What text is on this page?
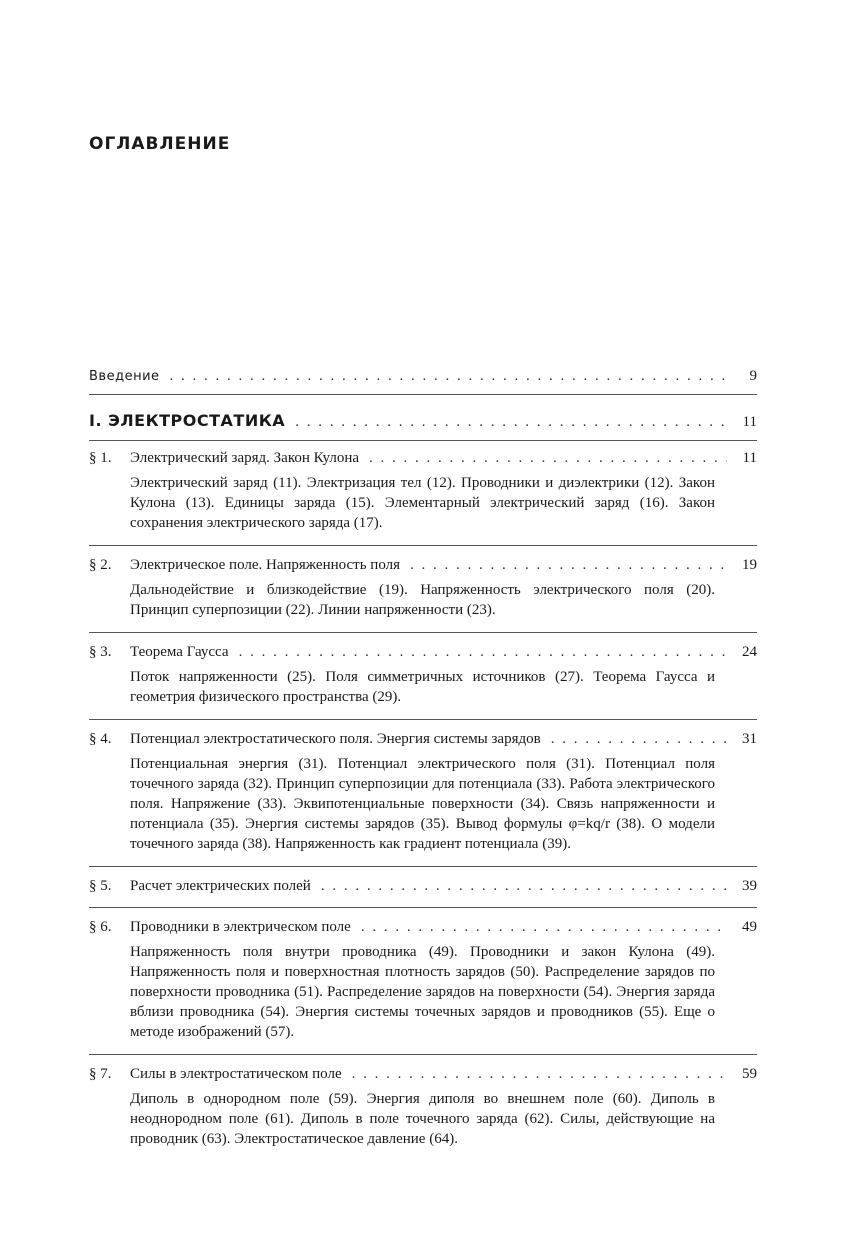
ОГЛАВЛЕНИЕ
Введение . . .	9
I. ЭЛЕКТРОСТАТИКА . . .	11
§ 1.	Электрический заряд. Закон Кулона . . .	11

Электрический заряд (11). Электризация тел (12). Проводники и диэлектрики (12). Закон Кулона (13). Единицы заряда (15). Элементарный электрический заряд (16). Закон сохранения электрического заряда (17).

§ 2.	Электрическое поле. Напряженность поля . . .	19

Дальнодействие и близкодействие (19). Напряженность электрического поля (20). Принцип суперпозиции (22). Линии напряженности (23).

§ 3.	Теорема Гаусса . . .	24

Поток напряженности (25). Поля симметричных источников (27). Теорема Гаусса и геометрия физического пространства (29).

§ 4.	Потенциал электростатического поля. Энергия системы зарядов . . .	31

Потенциальная энергия (31). Потенциал электрического поля (31). Потенциал поля точечного заряда (32). Принцип суперпозиции для потенциала (33). Работа электрического поля. Напряжение (33). Эквипотенциальные поверхности (34). Связь напряженности и потенциала (35). Энергия системы зарядов (35). Вывод формулы φ=kq/r (38). О модели точечного заряда (38). Напряженность как градиент потенциала (39).

§ 5.	Расчет электрических полей . . .	39
§ 6.	Проводники в электрическом поле . . .	49

Напряженность поля внутри проводника (49). Проводники и закон Кулона (49). Напряженность поля и поверхностная плотность зарядов (50). Распределение зарядов по поверхности проводника (51). Распределение зарядов на поверхности (54). Энергия заряда вблизи проводника (54). Энергия системы точечных зарядов и проводников (55). Еще о методе изображений (57).

§ 7.	Силы в электростатическом поле . . .	59

Диполь в однородном поле (59). Энергия диполя во внешнем поле (60). Диполь в неоднородном поле (61). Диполь в поле точечного заряда (62). Силы, действующие на проводник (63). Электростатическое давление (64).
